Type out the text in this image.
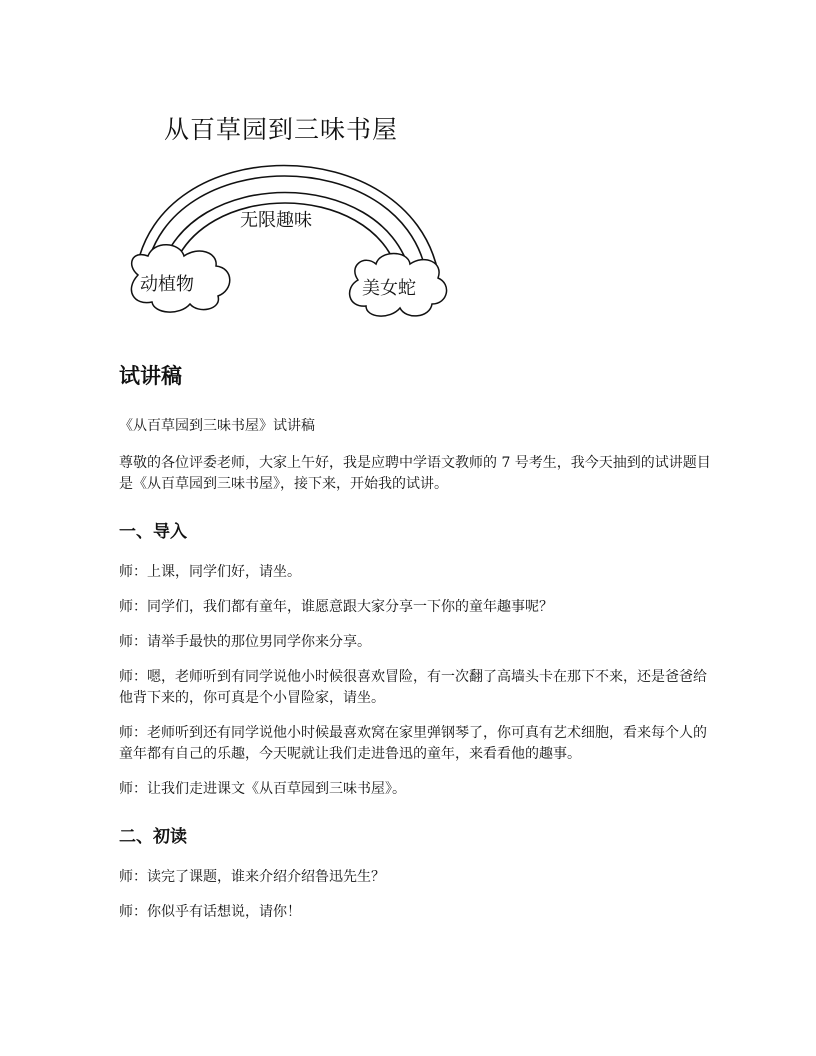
从百草园到三味书屋
无限趣味
动植物	美女蛇
试讲稿

《从百草园到三味书屋》试讲稿

尊敬的各位评委老师，大家上午好，我是应聘中学语文教师的 7 号考生，我今天抽到的试讲题目是《从百草园到三味书屋》，接下来，开始我的试讲。

一、导入

师：上课，同学们好，请坐。

师：同学们，我们都有童年，谁愿意跟大家分享一下你的童年趣事呢？

师：请举手最快的那位男同学你来分享。

师：嗯，老师听到有同学说他小时候很喜欢冒险，有一次翻了高墙头卡在那下不来，还是爸爸给他背下来的，你可真是个小冒险家，请坐。

师：老师听到还有同学说他小时候最喜欢窝在家里弹钢琴了，你可真有艺术细胞，看来每个人的童年都有自己的乐趣，今天呢就让我们走进鲁迅的童年，来看看他的趣事。

师：让我们走进课文《从百草园到三味书屋》。

二、初读

师：读完了课题，谁来介绍介绍鲁迅先生？

师：你似乎有话想说，请你！
